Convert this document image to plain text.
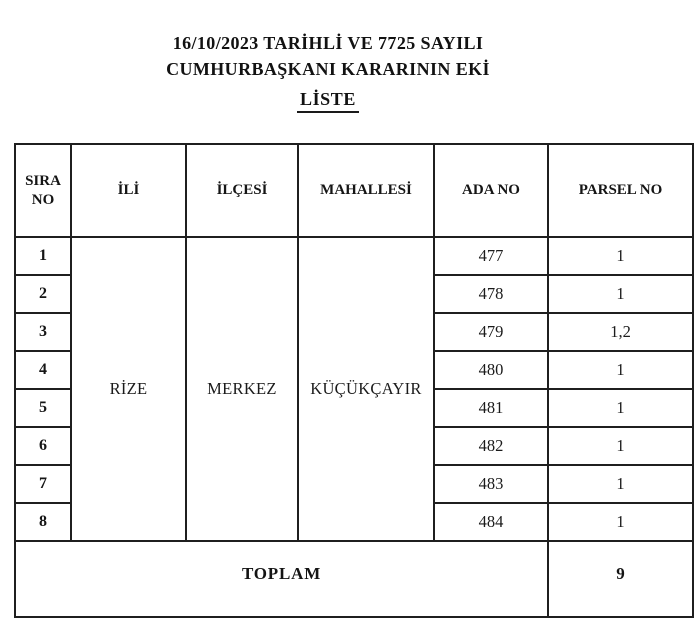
16/10/2023 TARİHLİ VE 7725 SAYILI
CUMHURBAŞKANI KARARININ EKİ
LİSTE
SIRA NO	İLİ	İLÇESİ	MAHALLESİ	ADA NO	PARSEL NO
1	RİZE	MERKEZ	KÜÇÜKÇAYIR	477	1
2				478	1
3				479	1,2
4				480	1
5				481	1
6				482	1
7				483	1
8				484	1
TOPLAM					9
